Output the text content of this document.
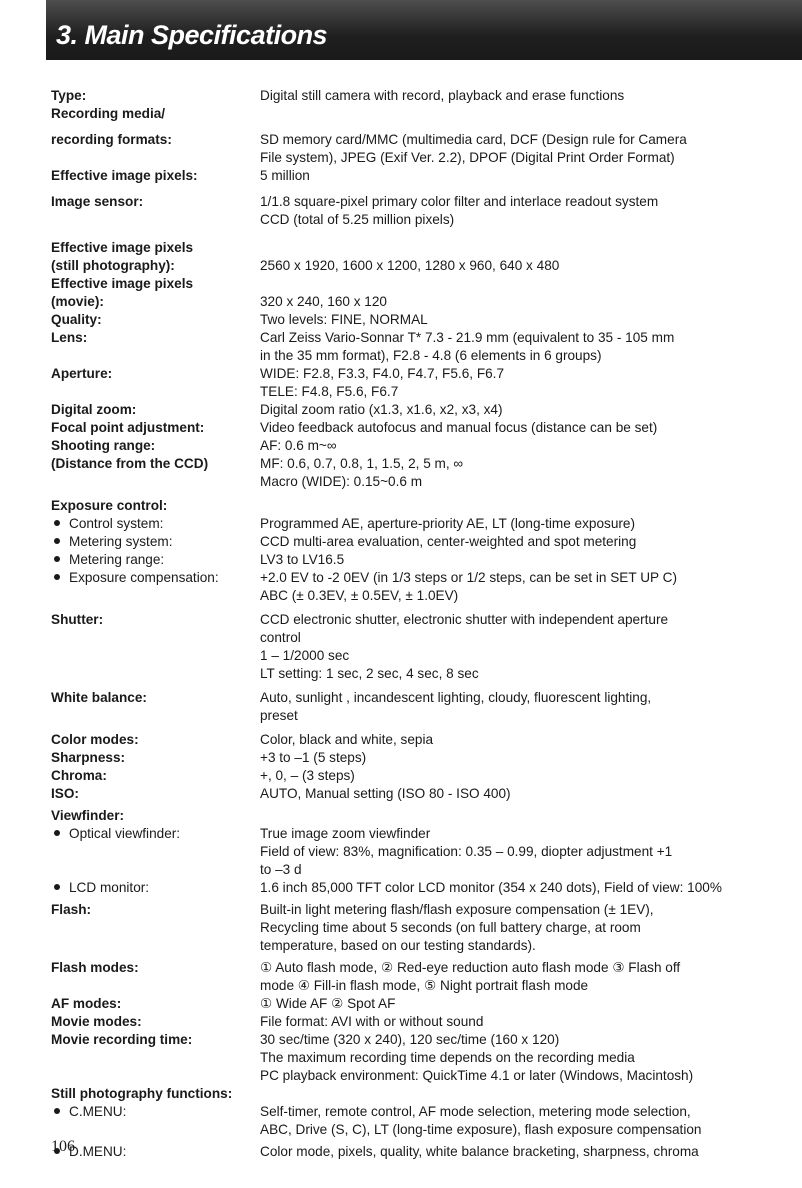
3. Main Specifications
Type:	Digital still camera with record, playback and erase functions
Recording media/
recording formats:	SD memory card/MMC (multimedia card, DCF (Design rule for Camera
File system), JPEG (Exif Ver. 2.2), DPOF (Digital Print Order Format)
Effective image pixels:	5 million
Image sensor:	1/1.8 square-pixel primary color filter and interlace readout system
CCD (total of 5.25 million pixels)
Effective image pixels
(still photography):	2560 x 1920, 1600 x 1200, 1280 x 960, 640 x 480
Effective image pixels
(movie):	320 x 240, 160 x 120
Quality:	Two levels: FINE, NORMAL
Lens:	Carl Zeiss Vario-Sonnar T* 7.3 - 21.9 mm (equivalent to 35 - 105 mm
in the 35 mm format), F2.8 - 4.8 (6 elements in 6 groups)
Aperture:	WIDE: F2.8, F3.3, F4.0, F4.7, F5.6, F6.7
TELE: F4.8, F5.6, F6.7
Digital zoom:	Digital zoom ratio (x1.3, x1.6, x2, x3, x4)
Focal point adjustment:	Video feedback autofocus and manual focus (distance can be set)
Shooting range:	AF: 0.6 m~∞
(Distance from the CCD)	MF: 0.6, 0.7, 0.8, 1, 1.5, 2, 5 m, ∞
Macro (WIDE): 0.15~0.6 m
Exposure control:
Control system:	Programmed AE, aperture-priority AE, LT (long-time exposure)
Metering system:	CCD multi-area evaluation, center-weighted and spot metering
Metering range:	LV3 to LV16.5
Exposure compensation:	+2.0 EV to -2 0EV (in 1/3 steps or 1/2 steps, can be set in SET UP C)
ABC (± 0.3EV, ± 0.5EV, ± 1.0EV)
Shutter:	CCD electronic shutter, electronic shutter with independent aperture
control
1 – 1/2000 sec
LT setting: 1 sec, 2 sec, 4 sec, 8 sec
White balance:	Auto, sunlight , incandescent lighting, cloudy, fluorescent lighting,
preset
Color modes:	Color, black and white, sepia
Sharpness:	+3 to –1 (5 steps)
Chroma:	+, 0, – (3 steps)
ISO:	AUTO, Manual setting (ISO 80 - ISO 400)
Viewfinder:
Optical viewfinder:	True image zoom viewfinder
Field of view: 83%, magnification: 0.35 – 0.99, diopter adjustment +1
to –3 d
LCD monitor:	1.6 inch 85,000 TFT color LCD monitor (354 x 240 dots), Field of view: 100%
Flash:	Built-in light metering flash/flash exposure compensation (± 1EV),
Recycling time about 5 seconds (on full battery charge, at room
temperature, based on our testing standards).
Flash modes:	① Auto flash mode, ② Red-eye reduction auto flash mode ③ Flash off
mode ④ Fill-in flash mode, ⑤ Night portrait flash mode
AF modes:	① Wide AF ② Spot AF
Movie modes:	File format: AVI with or without sound
Movie recording time:	30 sec/time (320 x 240), 120 sec/time (160 x 120)
The maximum recording time depends on the recording media
PC playback environment: QuickTime 4.1 or later (Windows, Macintosh)
Still photography functions:
C.MENU:	Self-timer, remote control, AF mode selection, metering mode selection,
ABC, Drive (S, C), LT (long-time exposure), flash exposure compensation
D.MENU:	Color mode, pixels, quality, white balance bracketing, sharpness, chroma
106
